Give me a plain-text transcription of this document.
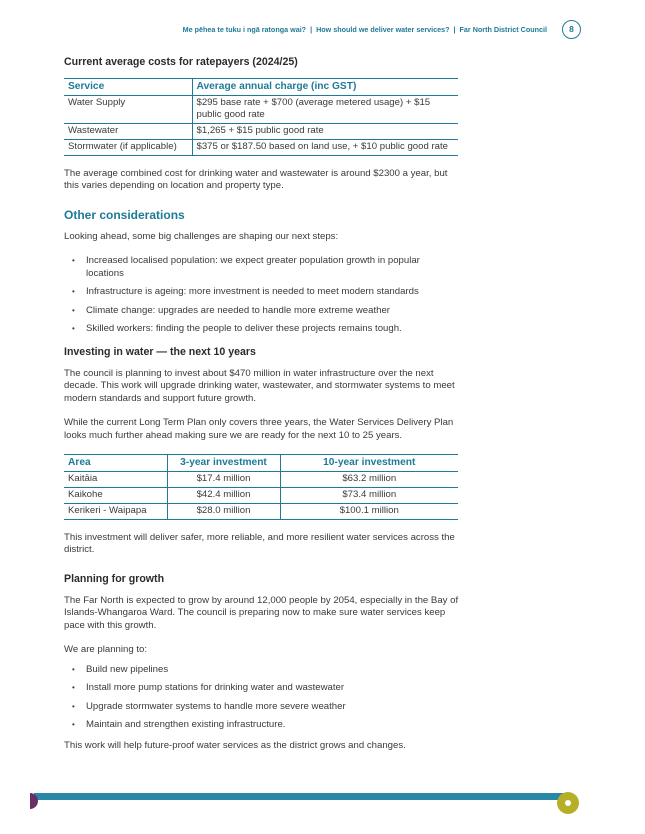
Me pēhea te tuku i ngā ratonga wai? | How should we deliver water services? | Far North District Council	8
Current average costs for ratepayers (2024/25)
Service	Average annual charge (inc GST)
Water Supply	$295 base rate + $700 (average metered usage) + $15 public good rate
Wastewater	$1,265 + $15 public good rate
Stormwater (if applicable)	$375 or $187.50 based on land use, + $10 public good rate

The average combined cost for drinking water and wastewater is around $2300 a year, but this varies depending on location and property type.

Other considerations

Looking ahead, some big challenges are shaping our next steps:

• Increased localised population: we expect greater population growth in popular locations
• Infrastructure is ageing: more investment is needed to meet modern standards
• Climate change: upgrades are needed to handle more extreme weather
• Skilled workers: finding the people to deliver these projects remains tough.
Investing in water — the next 10 years

The council is planning to invest about $470 million in water infrastructure over the next decade. This work will upgrade drinking water, wastewater, and stormwater systems to meet modern standards and support future growth.

While the current Long Term Plan only covers three years, the Water Services Delivery Plan looks much further ahead making sure we are ready for the next 10 to 25 years.

Area	3-year investment	10-year investment
Kaitāia	$17.4 million	$63.2 million
Kaikohe	$42.4 million	$73.4 million
Kerikeri - Waipapa	$28.0 million	$100.1 million

This investment will deliver safer, more reliable, and more resilient water services across the district.

Planning for growth

The Far North is expected to grow by around 12,000 people by 2054, especially in the Bay of Islands-Whangaroa Ward. The council is preparing now to make sure water services keep pace with this growth.

We are planning to:

• Build new pipelines
• Install more pump stations for drinking water and wastewater
• Upgrade stormwater systems to handle more severe weather
• Maintain and strengthen existing infrastructure.

This work will help future-proof water services as the district grows and changes.
